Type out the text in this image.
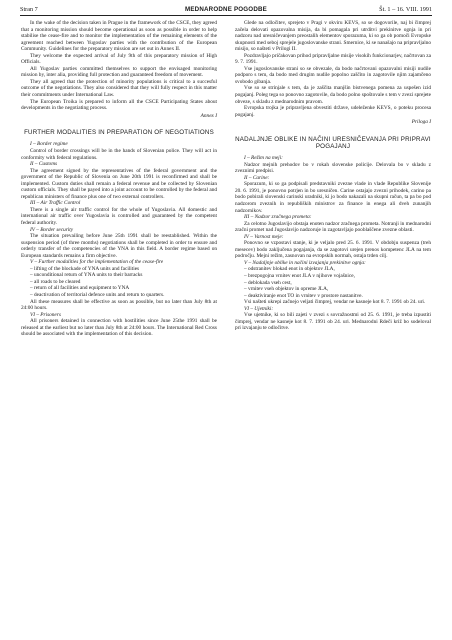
Stran 7	MEDNARODNE POGODBE	Št. 1 – 16. VIII. 1991

In the wake of the decision taken in Prague in the framework of the CSCE, they agreed that a monitoring mission should become operational as soon as possible in order to help stabilise the cease-fire and to monitor the implementation of the remaining elements of the agreement reached between Yugoslav parties with the contribution of the European Community. Guidelines for the preparatory mission are set out in Annex II.

They welcome the expected arrival of July 9th of this preparatory mission of High Officials.

All Yugoslav parties committed themselves to support the envisaged monitoring mission by, inter alia, providing full protection and guaranteed freedom of movement.

They all agreed that the protection of minority populations is critical to a succesful outcome of the negotiations. They also considered that they will fully respect in this matter their commitments under International Law.

The European Troika is prepared to inform all the CSCE Participating States about developments in the negotiating process.

Annex I

FURTHER MODALITIES IN PREPARATION OF NEGOTIATIONS

I – Border regime

Control of border crossings will be in the hands of Slovenian police. They will act in conformity with federal regulations.

II – Customs

The agreement signed by the representatives of the federal government and the government of the Republic of Slovenia on June 20th 1991 is reconfirmed and shall be implemented. Custom duties shall remain a federal revenue and be collected by Slovenian custom officials. They shall be payed into a joint account to be controlled by the federal and republican ministers of finance plus one of two external controllers.

III – Air Traffic Control

There is a single air traffic control for the whole of Yugoslavia. All domestic and international air traffic over Yugoslavia is controlled and guaranteed by the competent federal authority.

IV – Border security

The situation prevailing before June 25th 1991 shall be reestablished. Within the suspension period (of three months) negotiations shall be completed in order to ensure and orderly transfer of the competencies of the YNA in this field. A border regime based on European standards remains a firm objective.

V – Further modalities for the implementation of the cease-fire

– lifting of the blockade of YNA units and facilities

– unconditional return of YNA units to their barracks

– all roads to be cleared

– return of all facilities and equipment to YNA

– deactivation of territorial defence units and return to quarters.

All these measures shall be effective as soon as possible, but no later than July 8th at 24:00 hours.

VI – Prisoners

All prisoners detained in connection with hostilities since June 25the 1991 shall be released at the earliest but no later than July 8th at 24:00 hours. The International Red Cross should be associated with the implementation of this decision.

Glede na odločitev, sprejeto v Pragi v okviru KEVS, so se dogovorile, naj bi čimprej začela delovati opazovalna misija, da bi pomagala pri utrditvi prekinitve ognja in pri nadzoru nad uresničevanjem preostalih elementov sporazuma, ki so ga ob pomoči Evropske skupnosti med seboj sprejele jugoslovanske strani. Smernice, ki se nanašajo na pripravljalno misijo, so našteti v Prilogi II.

Pozdravljajo pričakovan prihod pripravljalne misije visokih funkcionarjev, načrtovan za 9. 7. 1991.

Vse jugoslovanske strani so se obvezale, da bodo načrtovani opazovalni misiji nudile podporo s tem, da bodo med drugim nudile popolno zaščito in zagotovile njim zajamčeno svobodo gibanja.

Vse so se strinjale s tem, da je zaščita manjšin bistvenega pomena za uspešen izid pogajanj. Poleg tega so ponovno zagotovile, da bodo polno spoštovale s tem v zvezi sprejete obveze, s skladu z mednarodnim pravom.

Evropska trojka je pripravljena obvestiti države, udeleženke KEVS, o poteku procesa pogajanj.

Priloga I

NADALJNJE OBLIKE IN NAČINI URESNIČEVANJA PRI PRIPRAVI POGAJANJ

I – Režim na meji:

Nadzor mejnih prehodov bo v rokah slovenske policije. Delovala bo v skladu z zveznimi predpisi.

II – Carine:

Sporazum, ki so ga podpisali predstavniki zvezne vlade in vlade Republike Slovenije 20. 6. 1991, je ponovno potrjen in bo uresničen. Carine ostajajo zvezni prihodek, carino pa bodo pobirali slovenski carinski uradniki, ki jo bodo nakazali na skupni račun, ta pa bo pod nadzorom zveznih in republiških ministrov za finance in enega ali dveh zunanjih nadzornikov.

III – Nadzor zračnega prometa:

Za celotno Jugoslavijo obstaja enoten nadzor zračnega prometa. Notranji in mednarodni zračni promet nad Jugoslavijo nadzoruje in zagotavljajo pooblaščene zvezne oblasti.

IV – Varnost meje:

Ponovno se vzpostavi stanje, ki je veljalo pred 25. 6. 1991. V obdobju suspenza (treh mesecev) bodo zaključena pogajanja, da se zagotovi urejen prenos kompetenc JLA na tem področju. Mejni režim, zasnovan na evropskih normah, ostaja trden cilj.

V – Nadaljnje oblike in načini izvajanja prekinitve ognja:

– odstranitev blokad enot in objektov JLA,

– brezpogojna vrnitev enot JLA v njihove vojašnice,

– deblokada vseh cest,

– vrnitev vseh objektov in opreme JLA,

– deaktiviranje enot TO in vrnitev v prostore nastanitve.

Vsi našteti ukrepi začnejo veljati čimprej, vendar ne kasneje kot 8. 7. 1991 ob 24. uri.

VI – Ujetniki:

Vse ujetnike, ki so bili zajeti v zvezi s sovražnostmi od 25. 6. 1991, je treba izpustiti čimprej, vendar ne kasneje kot 8. 7. 1991 ob 24. uri. Mednarodni Rdeči križ bo sodeloval pri izvajanju te odločitve.
